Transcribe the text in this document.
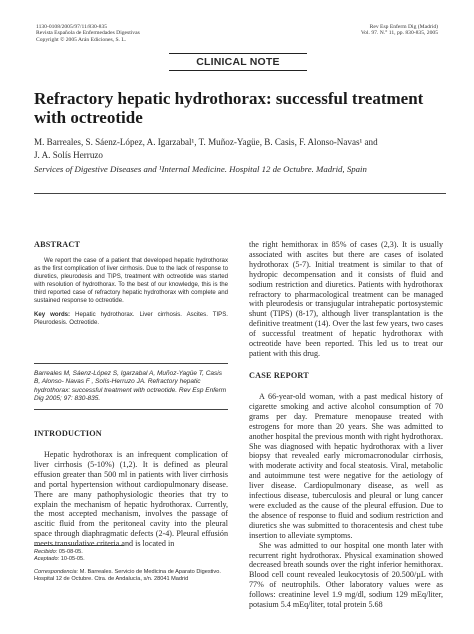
1130-0108/2005/97/11/830-835
Revista Española de Enfermedades Digestivas
Copyright © 2005 Arán Ediciones, S. L.
Rev Esp Enferm Dig (Madrid)
Vol. 97. N.° 11, pp. 830-835, 2005
CLINICAL NOTE
Refractory hepatic hydrothorax: successful treatment with octreotide
M. Barreales, S. Sáenz-López, A. Igarzabal¹, T. Muñoz-Yagüe, B. Casis, F. Alonso-Navas¹ and
J. A. Solís Herruzo
Services of Digestive Diseases and ¹Internal Medicine. Hospital 12 de Octubre. Madrid, Spain
ABSTRACT
We report the case of a patient that developed hepatic hydrothorax as the first complication of liver cirrhosis. Due to the lack of response to diuretics, pleurodesis and TIPS, treatment with octreotide was started with resolution of hydrothorax. To the best of our knowledge, this is the third reported case of refractory hepatic hydrothorax with complete and sustained response to octreotide.
Key words: Hepatic hydrothorax. Liver cirrhosis. Ascites. TIPS. Pleurodesis. Octreotide.
Barreales M, Sáenz-López S, Igarzabal A, Muñoz-Yagüe T, Casis B, Alonso- Navas F , Solís-Herruzo JA. Refractory hepatic hydrothorax: successful treatment with octreotide. Rev Esp Enferm Dig 2005; 97: 830-835.
INTRODUCTION

Hepatic hydrothorax is an infrequent complication of liver cirrhosis (5-10%) (1,2). It is defined as pleural effusion greater than 500 ml in patients with liver cirrhosis and portal hypertension without cardiopulmonary disease. There are many pathophysiologic theories that try to explain the mechanism of hepatic hydrothorax. Currently, the most accepted mechanism, involves the passage of ascitic fluid from the peritoneal cavity into the pleural space through diaphragmatic defects (2-4). Pleural effusión meets transudative criteria and is located in

Recibido: 05-08-05.
Aceptado: 10-05-05.
Correspondencia: M. Barreales. Servicio de Medicina de Aparato Digestivo. Hospital 12 de Octubre. Ctra. de Andalucía, s/n. 28041 Madrid

the right hemithorax in 85% of cases (2,3). It is usually associated with ascites but there are cases of isolated hydrothorax (5-7). Initial treatment is similar to that of hydropic decompensation and it consists of fluid and sodium restriction and diuretics. Patients with hydrothorax refractory to pharmacological treatment can be managed with pleurodesis or transjugular intrahepatic portosystemic shunt (TIPS) (8-17), although liver transplantation is the definitive treatment (14). Over the last few years, two cases of successful treatment of hepatic hydrothorax with octreotide have been reported. This led us to treat our patient with this drug.

CASE REPORT

A 66-year-old woman, with a past medical history of cigarette smoking and active alcohol consumption of 70 grams per day. Premature menopause treated with estrogens for more than 20 years. She was admitted to another hospital the previous month with right hydrothorax. She was diagnosed with hepatic hydrothorax with a liver biopsy that revealed early micromacronodular cirrhosis, with moderate activity and focal steatosis. Viral, metabolic and autoimmune test were negative for the aetiology of liver disease. Cardiopulmonary disease, as well as infectious disease, tuberculosis and pleural or lung cancer were excluded as the cause of the pleural effusion. Due to the absence of response to fluid and sodium restriction and diuretics she was submitted to thoracentesis and chest tube insertion to alleviate symptoms.

She was admitted to our hospital one month later with recurrent right hydrothorax. Physical examination showed decreased breath sounds over the right inferior hemithorax. Blood cell count revealed leukocytosis of 20.500/µL with 77% of neutrophils. Other laboratory values were as follows: creatinine level 1.9 mg/dl, sodium 129 mEq/liter, potasium 5.4 mEq/liter, total protein 5.68
